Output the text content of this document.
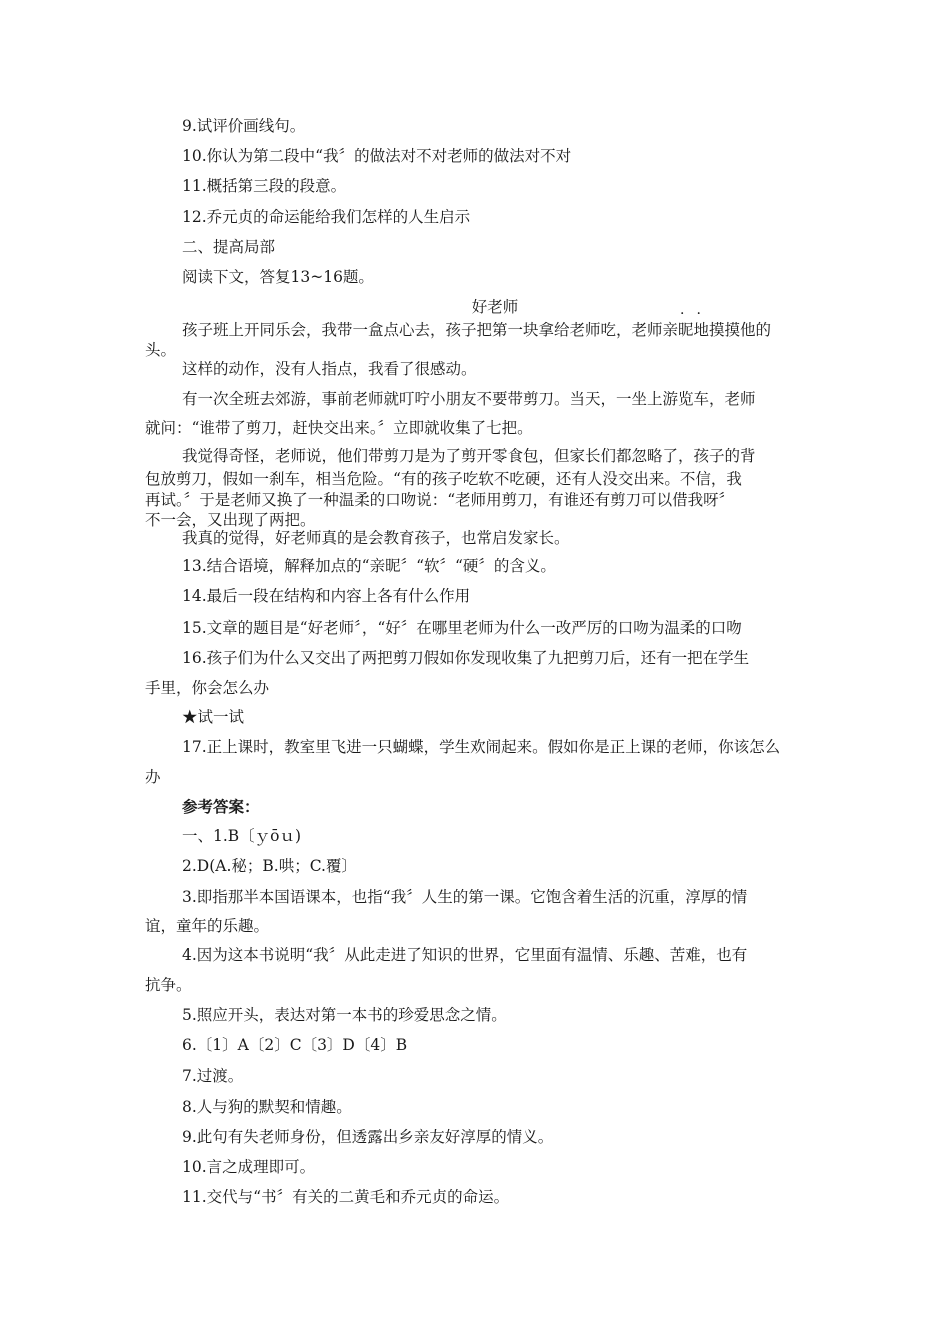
9.试评价画线句。
10.你认为第二段中“我〞的做法对不对老师的做法对不对
11.概括第三段的段意。
12.乔元贞的命运能给我们怎样的人生启示
二、提高局部
阅读下文，答复13~16题。
好老师	··
孩子班上开同乐会，我带一盒点心去，孩子把第一块拿给老师吃，老师亲昵地摸摸他的
头。
这样的动作，没有人指点，我看了很感动。
有一次全班去郊游，事前老师就叮咛小朋友不要带剪刀。当天，一坐上游览车，老师
就问：“谁带了剪刀，赶快交出来。〞立即就收集了七把。
我觉得奇怪，老师说，他们带剪刀是为了剪开零食包，但家长们都忽略了，孩子的背
包放剪刀，假如一刹车，相当危险。“有的孩子吃软不吃硬，还有人没交出来。不信，我
再试。〞于是老师又换了一种温柔的口吻说：“老师用剪刀，有谁还有剪刀可以借我呀〞
不一会，又出现了两把。
我真的觉得，好老师真的是会教育孩子，也常启发家长。
13.结合语境，解释加点的“亲昵〞“软〞“硬〞的含义。
14.最后一段在结构和内容上各有什么作用
15.文章的题目是“好老师〞，“好〞在哪里老师为什么一改严厉的口吻为温柔的口吻
16.孩子们为什么又交出了两把剪刀假如你发现收集了九把剪刀后，还有一把在学生
手里，你会怎么办
★试一试
17.正上课时，教室里飞进一只蝴蝶，学生欢闹起来。假如你是正上课的老师，你该怎么
办
参考答案：
一、1.B〔ｙōｕ)
2.D(A.秘；B.哄；C.覆〕
3.即指那半本国语课本，也指“我〞人生的第一课。它饱含着生活的沉重，淳厚的情
谊，童年的乐趣。
4.因为这本书说明“我〞从此走进了知识的世界，它里面有温情、乐趣、苦难，也有
抗争。
5.照应开头，表达对第一本书的珍爱思念之情。
6.〔1〕A〔2〕C〔3〕D〔4〕B
7.过渡。
8.人与狗的默契和情趣。
9.此句有失老师身份，但透露出乡亲友好淳厚的情义。
10.言之成理即可。
11.交代与“书〞有关的二黄毛和乔元贞的命运。
